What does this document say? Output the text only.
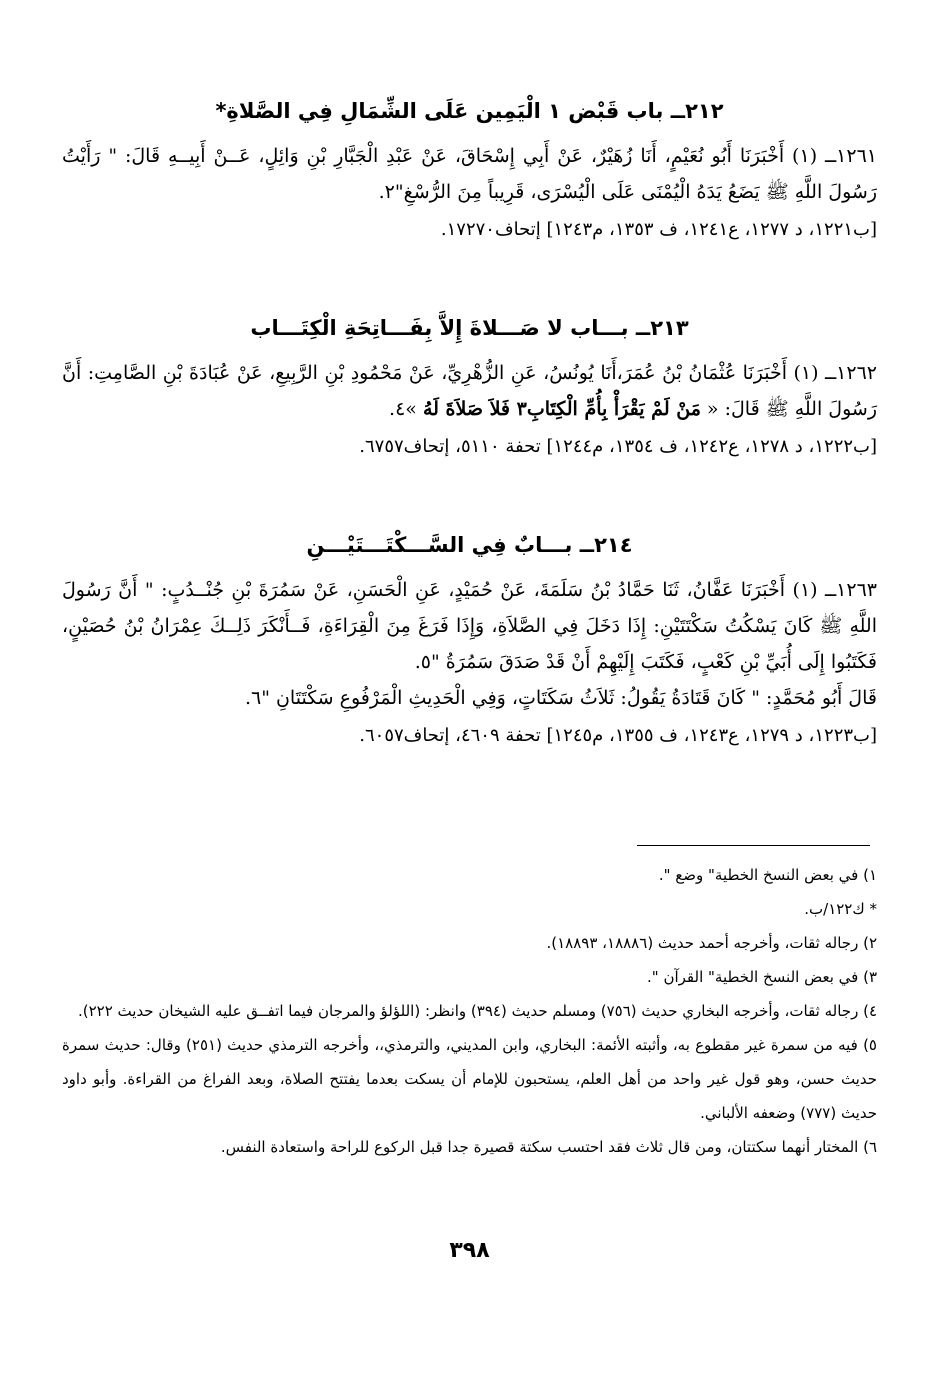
٢١٢ــ باب قَبْض ١ الْيَمِين عَلَى الشِّمَالِ فِي الصَّلاةِ*

١٢٦١ــ (١) أَخْبَرَنَا أَبُو نُعَيْمٍ، أَنَا زُهَيْرٌ، عَنْ أَبِي إِسْحَاقَ، عَنْ عَبْدِ الْجَبَّارِ بْنِ وَائِلٍ، عَــنْ أَبِيــهِ قَالَ: " رَأَيْتُ رَسُولَ اللَّهِ ﷺ يَضَعُ يَدَهُ الْيُمْنَى عَلَى الْيُسْرَى، قَرِيباً مِنَ الرُّسْغِ"٢.

[ب١٢٢١، د ١٢٧٧، ع١٢٤١، ف ١٣٥٣، م١٢٤٣] إتحاف١٧٢٧٠.
٢١٣ــ بـــاب لا صَـــلاةَ إِلاَّ بِفَـــاتِحَةِ الْكِتَـــاب

١٢٦٢ــ (١) أَخْبَرَنَا عُثْمَانُ بْنُ عُمَرَ،أَنَا يُونُسُ، عَنِ الزُّهْرِيِّ، عَنْ مَحْمُودِ بْنِ الرَّبِيعِ، عَنْ عُبَادَةَ بْنِ الصَّامِتِ: أَنَّ رَسُولَ اللَّهِ ﷺ قَالَ: « مَنْ لَمْ يَقْرَأْ بِأُمِّ الْكِتَابِ٣ فَلاَ صَلاَةَ لَهُ »٤.

[ب١٢٢٢، د ١٢٧٨، ع١٢٤٢، ف ١٣٥٤، م١٢٤٤] تحفة ٥١١٠، إتحاف٦٧٥٧.
٢١٤ــ بـــابٌ فِي السَّـــكْتَـــتَيْـــنِ

١٢٦٣ــ (١) أَخْبَرَنَا عَفَّانُ، ثَنَا حَمَّادُ بْنُ سَلَمَةَ، عَنْ حُمَيْدٍ، عَنِ الْحَسَنِ، عَنْ سَمُرَةَ بْنِ جُنْــدُبٍ: " أَنَّ رَسُولَ اللَّهِ ﷺ كَانَ يَسْكُتُ سَكْتَتَيْنِ: إِذَا دَخَلَ فِي الصَّلاَةِ، وَإِذَا فَرَغَ مِنَ الْقِرَاءَةِ، فَــأَنْكَرَ ذَلِــكَ عِمْرَانُ بْنُ حُصَيْنٍ، فَكَتَبُوا إِلَى أُبَيِّ بْنِ كَعْبٍ، فَكَتَبَ إِلَيْهِمْ أَنْ قَدْ صَدَقَ سَمُرَةُ "٥.

قَالَ أَبُو مُحَمَّدٍ: " كَانَ قَتَادَةُ يَقُولُ: ثَلاَثُ سَكَتَاتٍ، وَفِي الْحَدِيثِ الْمَرْفُوعِ سَكْتَتَانِ "٦.

[ب١٢٢٣، د ١٢٧٩، ع١٢٤٣، ف ١٣٥٥، م١٢٤٥] تحفة ٤٦٠٩، إتحاف٦٠٥٧.

١) في بعض النسخ الخطية" وضع ".

* ك١٢٢/ب.

٢) رجاله ثقات، وأخرجه أحمد حديث (١٨٨٨٦، ١٨٨٩٣).

٣) في بعض النسخ الخطية" القرآن ".

٤) رجاله ثقات، وأخرجه البخاري حديث (٧٥٦) ومسلم حديث (٣٩٤) وانظر: (اللؤلؤ والمرجان فيما اتفــق عليه الشيخان حديث ٢٢٢).

٥) فيه من سمرة غير مقطوع به، وأثبته الأئمة: البخاري، وابن المديني، والترمذي،، وأخرجه الترمذي حديث (٢٥١) وقال: حديث سمرة حديث حسن، وهو قول غير واحد من أهل العلم، يستحبون للإمام أن يسكت بعدما يفتتح الصلاة، وبعد الفراغ من القراءة. وأبو داود حديث (٧٧٧) وضعفه الألباني.

٦) المختار أنهما سكتتان، ومن قال ثلاث فقد احتسب سكتة قصيرة جدا قبل الركوع للراحة واستعادة النفس.

٣٩٨
